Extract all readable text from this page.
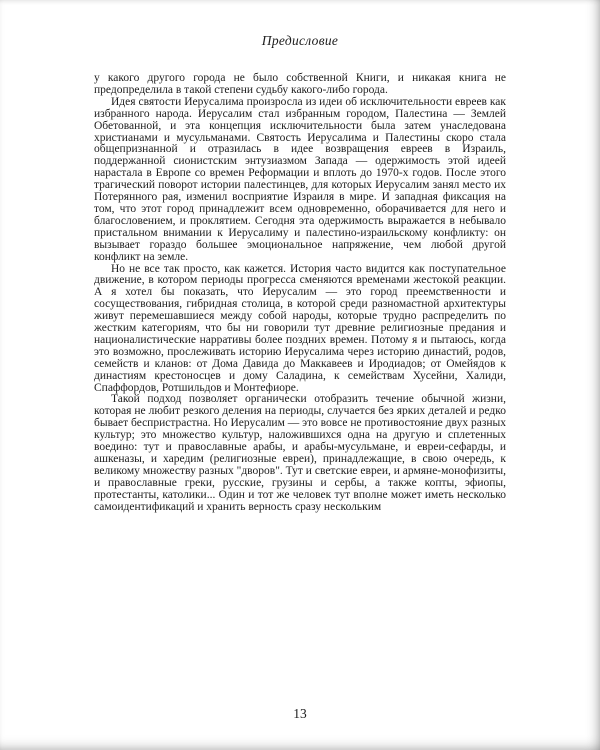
Предисловие

у какого другого города не было собственной Книги, и никакая книга не предопределила в такой степени судьбу какого-либо города.

Идея святости Иерусалима произросла из идеи об исключительности евреев как избранного народа. Иерусалим стал избранным городом, Палестина — Землей Обетованной, и эта концепция исключительности была затем унаследована христианами и мусульманами. Святость Иерусалима и Палестины скоро стала общепризнанной и отразилась в идее возвращения евреев в Израиль, поддержанной сионистским энтузиазмом Запада — одержимость этой идеей нарастала в Европе со времен Реформации и вплоть до 1970-х годов. После этого трагический поворот истории палестинцев, для которых Иерусалим занял место их Потерянного рая, изменил восприятие Израиля в мире. И западная фиксация на том, что этот город принадлежит всем одновременно, оборачивается для него и благословением, и проклятием. Сегодня эта одержимость выражается в небывало пристальном внимании к Иерусалиму и палестино-израильскому конфликту: он вызывает гораздо большее эмоциональное напряжение, чем любой другой конфликт на земле.

Но не все так просто, как кажется. История часто видится как поступательное движение, в котором периоды прогресса сменяются временами жестокой реакции. А я хотел бы показать, что Иерусалим — это город преемственности и сосуществования, гибридная столица, в которой среди разномастной архитектуры живут перемешавшиеся между собой народы, которые трудно распределить по жестким категориям, что бы ни говорили тут древние религиозные предания и националистические нарративы более поздних времен. Потому я и пытаюсь, когда это возможно, прослеживать историю Иерусалима через историю династий, родов, семейств и кланов: от Дома Давида до Маккавеев и Иродиадов; от Омейядов к династиям крестоносцев и дому Саладина, к семействам Хусейни, Халиди, Спаффордов, Ротшильдов и Монтефиоре.

Такой подход позволяет органически отобразить течение обычной жизни, которая не любит резкого деления на периоды, случается без ярких деталей и редко бывает беспристрастна. Но Иерусалим — это вовсе не противостояние двух разных культур; это множество культур, наложившихся одна на другую и сплетенных воедино: тут и православные арабы, и арабы-мусульмане, и евреи-сефарды, и ашкеназы, и харедим (религиозные евреи), принадлежащие, в свою очередь, к великому множеству разных "дворов". Тут и светские евреи, и армяне-монофизиты, и православные греки, русские, грузины и сербы, а также копты, эфиопы, протестанты, католики... Один и тот же человек тут вполне может иметь несколько самоидентификаций и хранить верность сразу нескольким

13
